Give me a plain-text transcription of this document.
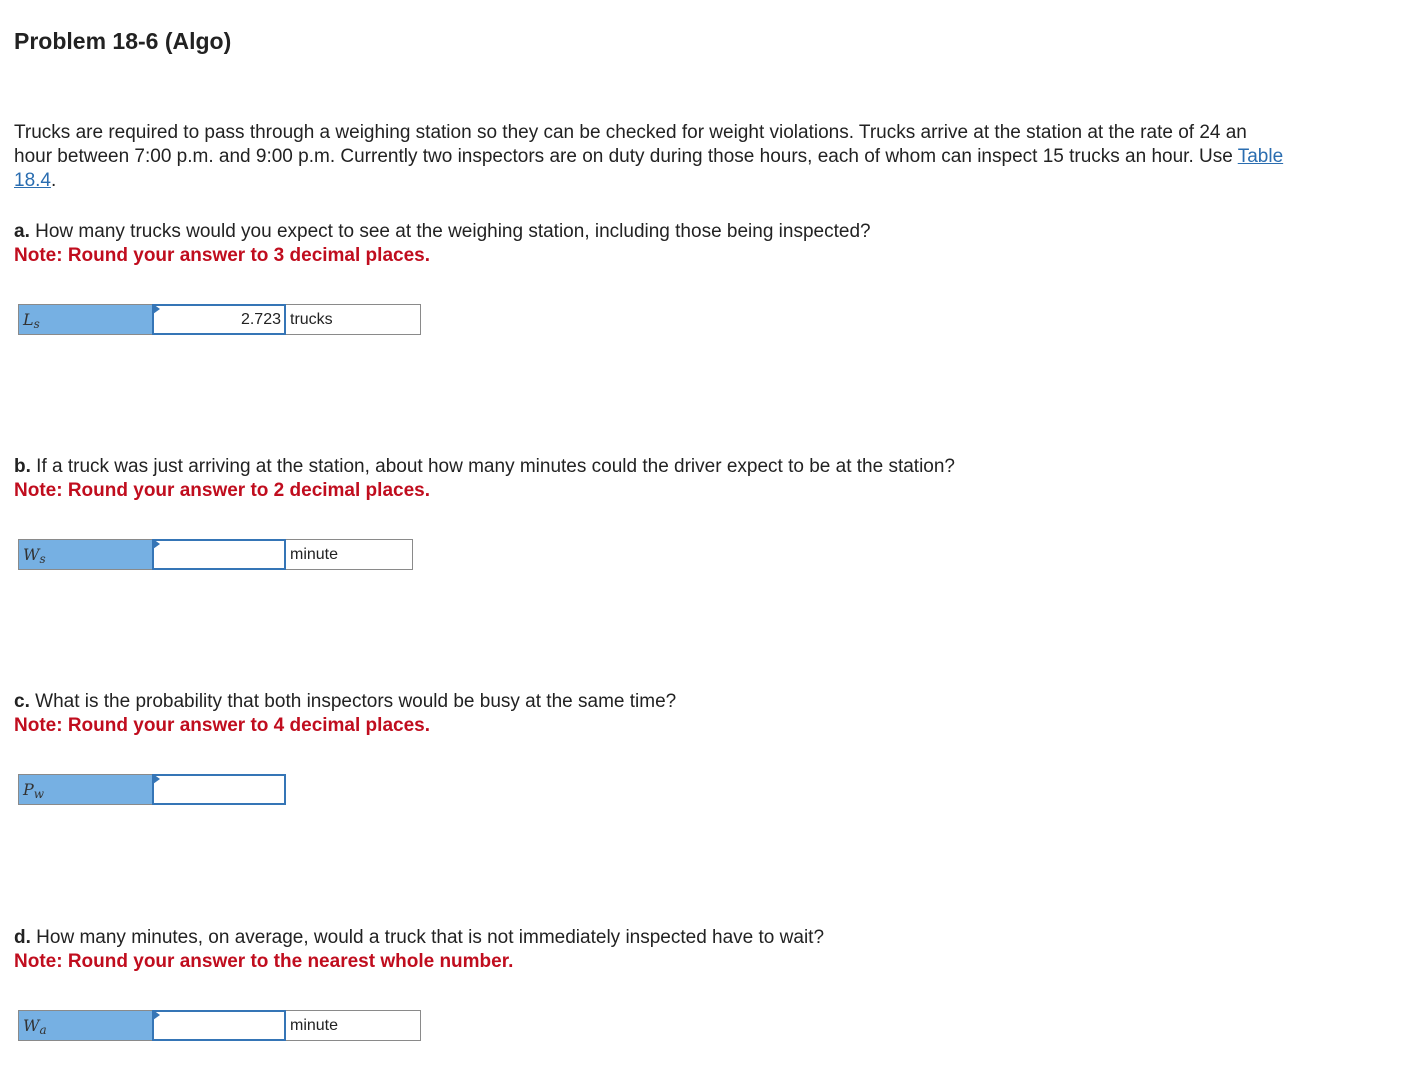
Problem 18-6 (Algo)

Trucks are required to pass through a weighing station so they can be checked for weight violations. Trucks arrive at the station at the rate of 24 an hour between 7:00 p.m. and 9:00 p.m. Currently two inspectors are on duty during those hours, each of whom can inspect 15 trucks an hour. Use Table 18.4.

a. How many trucks would you expect to see at the weighing station, including those being inspected?

Note: Round your answer to 3 decimal places.

$L_s$
2.723	trucks

b. If a truck was just arriving at the station, about how many minutes could the driver expect to be at the station?

Note: Round your answer to 2 decimal places.

$W_s$	minute

c. What is the probability that both inspectors would be busy at the same time?

Note: Round your answer to 4 decimal places.

$P_w$

d. How many minutes, on average, would a truck that is not immediately inspected have to wait?

Note: Round your answer to the nearest whole number.

$W_a$	minute
